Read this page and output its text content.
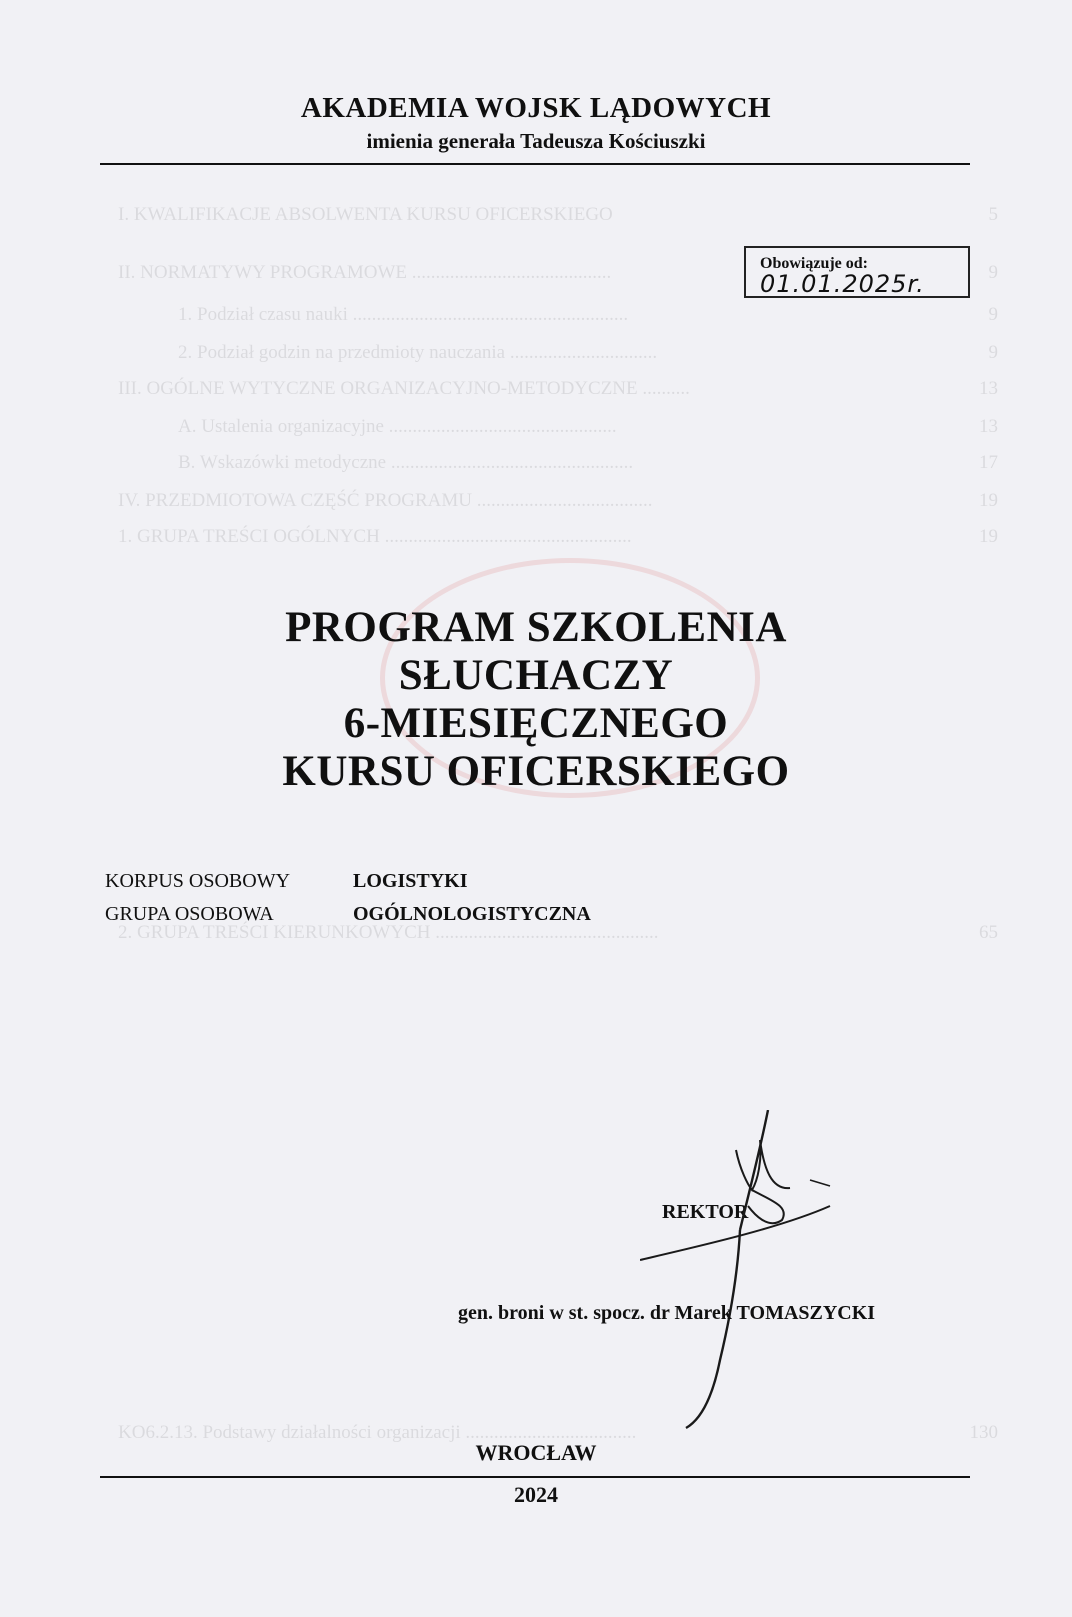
I. KWALIFIKACJE ABSOLWENTA KURSU OFICERSKIEGO	5
II. NORMATYWY PROGRAMOWE ..........................................	9
1. Podział czasu nauki ..........................................................	9
2. Podział godzin na przedmioty nauczania ...............................	9
III. OGÓLNE WYTYCZNE ORGANIZACYJNO-METODYCZNE ..........	13
A. Ustalenia organizacyjne ................................................	13
B. Wskazówki metodyczne ...................................................	17
IV. PRZEDMIOTOWA CZĘŚĆ PROGRAMU .....................................	19
1. GRUPA TREŚCI OGÓLNYCH ....................................................	19
2. GRUPA TREŚCI KIERUNKOWYCH ...............................................	65
KO6.2.13. Podstawy działalności organizacji ....................................	130
AKADEMIA WOJSK LĄDOWYCH
imienia generała Tadeusza Kościuszki
Obowiązuje od:
01.01.2025r.
PROGRAM SZKOLENIA
SŁUCHACZY
6-MIESIĘCZNEGO
KURSU OFICERSKIEGO
KORPUS OSOBOWY	LOGISTYKI
GRUPA OSOBOWA	OGÓLNOLOGISTYCZNA
REKTOR
gen. broni w st. spocz. dr Marek TOMASZYCKI
WROCŁAW
2024
